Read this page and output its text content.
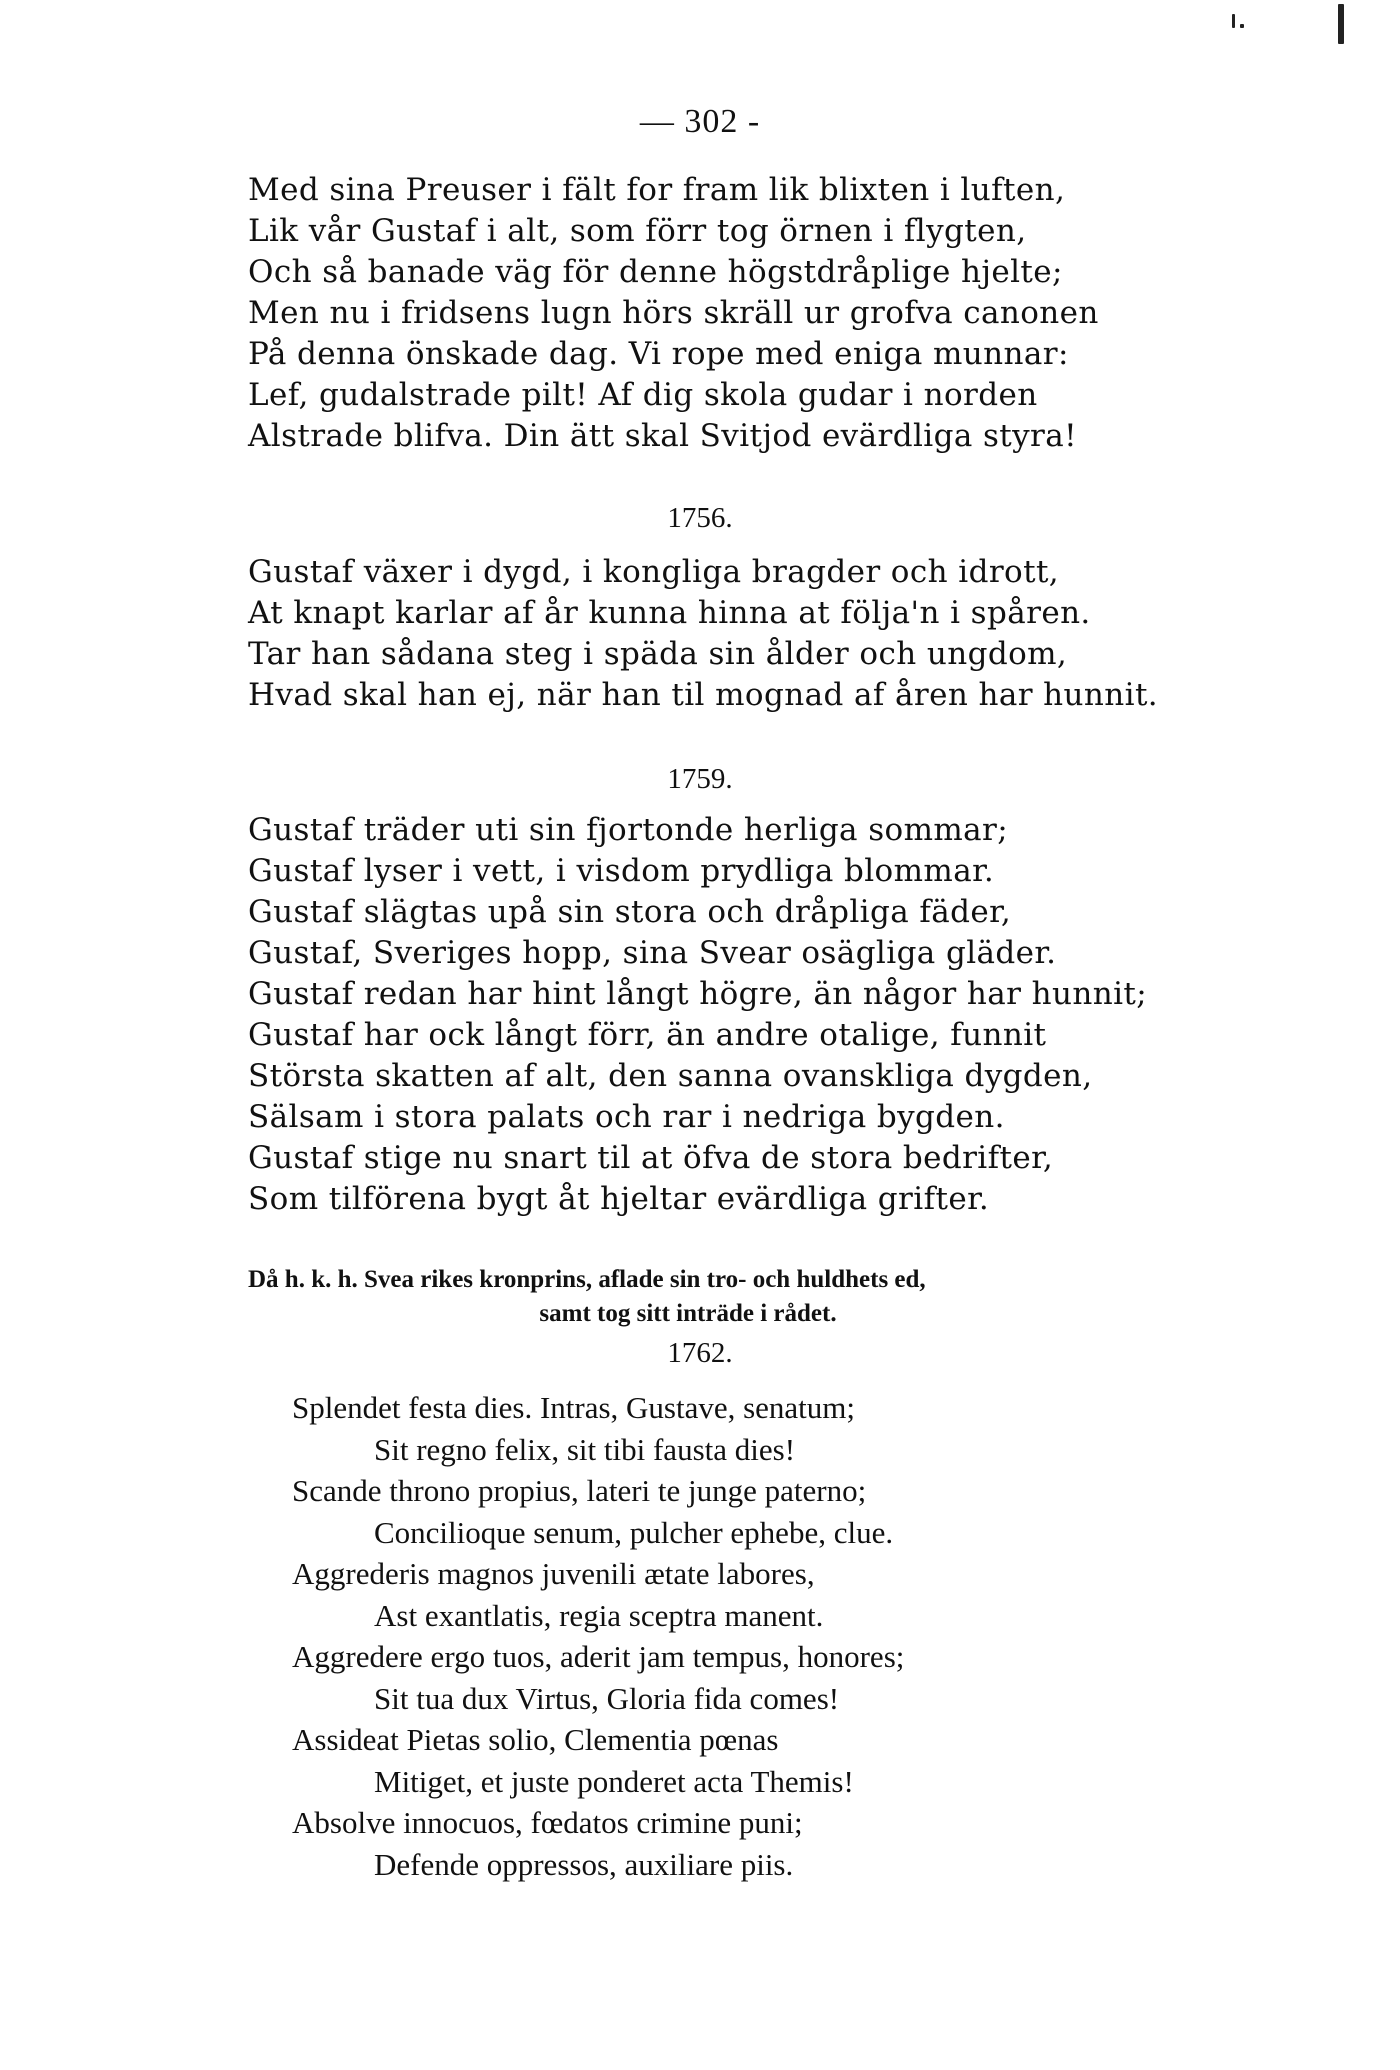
— 302 -
Med sina Preuser i fält for fram lik blixten i luften,
Lik vår Gustaf i alt, som förr tog örnen i flygten,
Och så banade väg för denne högstdråplige hjelte;
Men nu i fridsens lugn hörs skräll ur grofva canonen
På denna önskade dag. Vi rope med eniga munnar:
Lef, gudalstrade pilt! Af dig skola gudar i norden
Alstrade blifva. Din ätt skal Svitjod evärdliga styra!
1756.
Gustaf växer i dygd, i kongliga bragder och idrott,
At knapt karlar af år kunna hinna at följa'n i spåren.
Tar han sådana steg i späda sin ålder och ungdom,
Hvad skal han ej, när han til mognad af åren har hunnit.
1759.
Gustaf träder uti sin fjortonde herliga sommar;
Gustaf lyser i vett, i visdom prydliga blommar.
Gustaf slägtas upå sin stora och dråpliga fäder,
Gustaf, Sveriges hopp, sina Svear osägliga gläder.
Gustaf redan har hint långt högre, än någor har hunnit;
Gustaf har ock långt förr, än andre otalige, funnit
Största skatten af alt, den sanna ovanskliga dygden,
Sälsam i stora palats och rar i nedriga bygden.
Gustaf stige nu snart til at öfva de stora bedrifter,
Som tilförena bygt åt hjeltar evärdliga grifter.
Då h. k. h. Svea rikes kronprins, aflade sin tro- och huldhets ed,
samt tog sitt inträde i rådet.
1762.
Splendet festa dies. Intras, Gustave, senatum;
Sit regno felix, sit tibi fausta dies!
Scande throno propius, lateri te junge paterno;
Concilioque senum, pulcher ephebe, clue.
Aggrederis magnos juvenili ætate labores,
Ast exantlatis, regia sceptra manent.
Aggredere ergo tuos, aderit jam tempus, honores;
Sit tua dux Virtus, Gloria fida comes!
Assideat Pietas solio, Clementia pœnas
Mitiget, et juste ponderet acta Themis!
Absolve innocuos, fœdatos crimine puni;
Defende oppressos, auxiliare piis.
